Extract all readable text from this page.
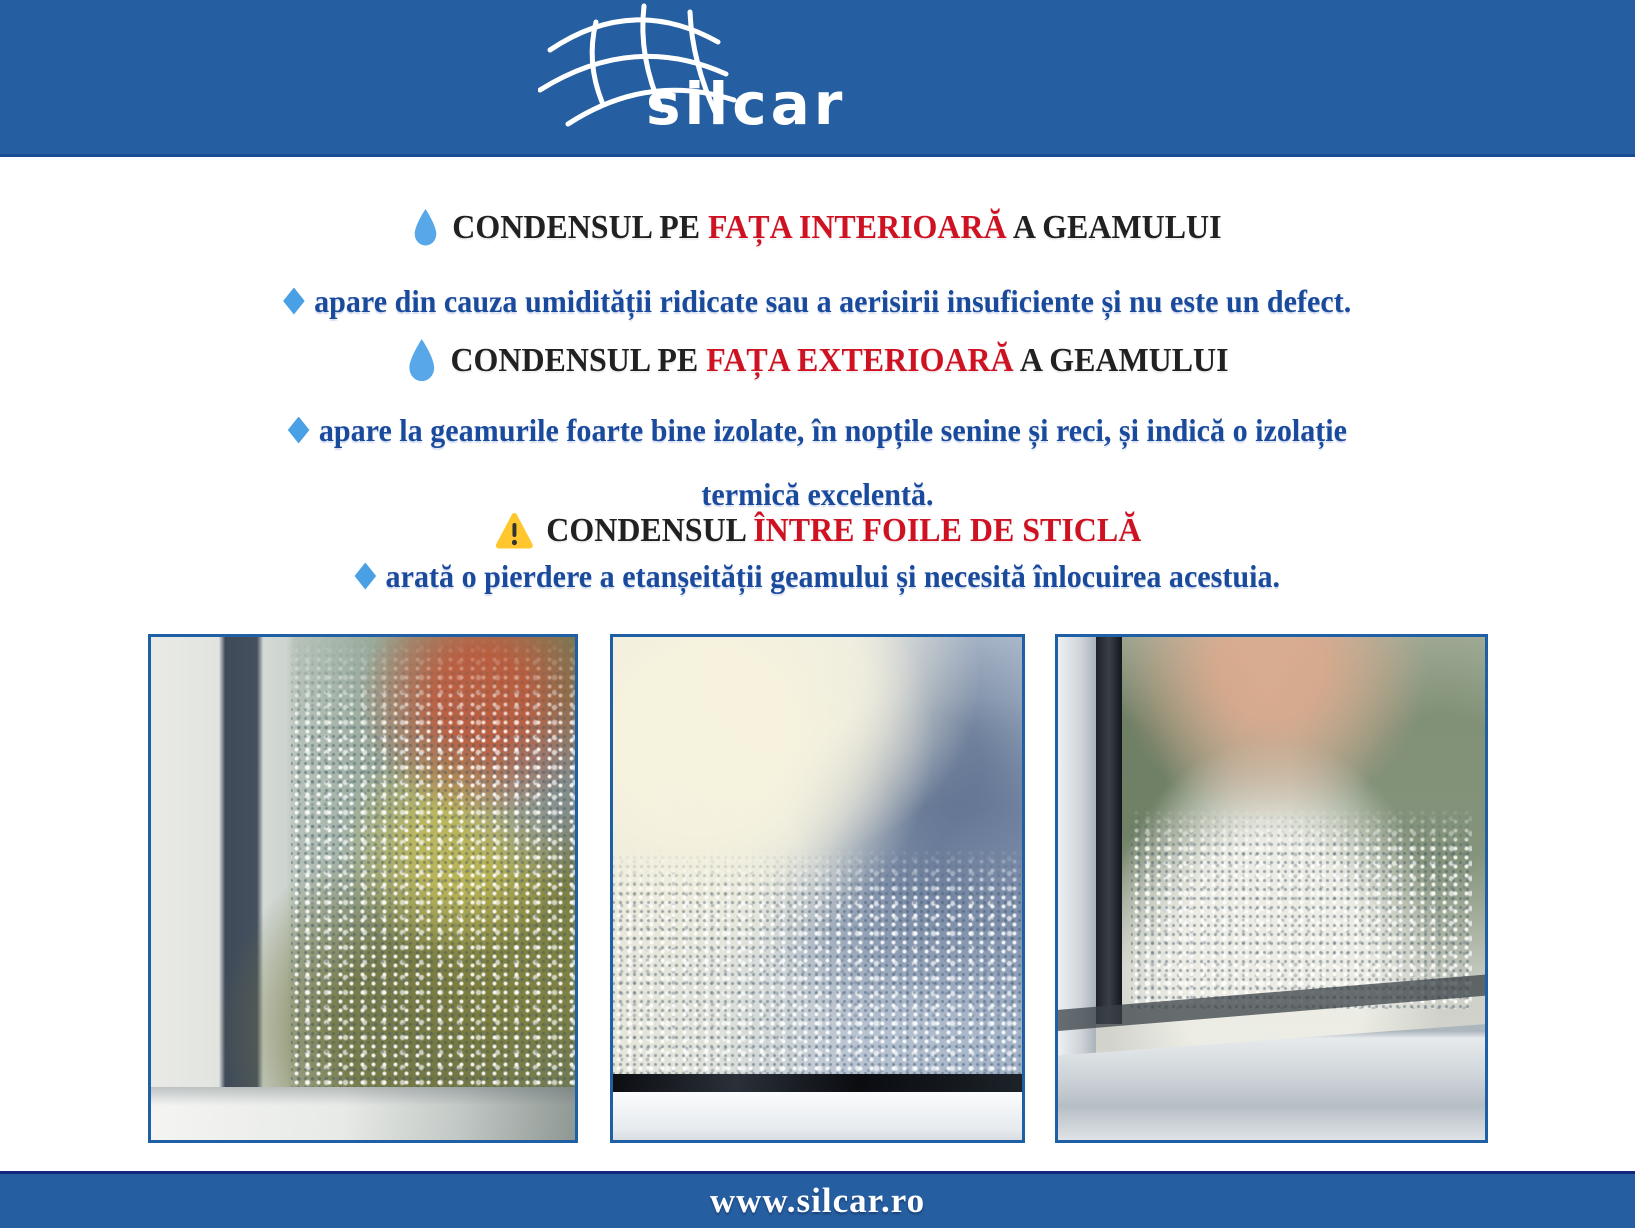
silcar
CONDENSUL PE FAȚA INTERIOARĂ A GEAMULUI
apare din cauza umidității ridicate sau a aerisirii insuficiente și nu este un defect.
CONDENSUL PE FAȚA EXTERIOARĂ A GEAMULUI
apare la geamurile foarte bine izolate, în nopțile senine și reci, și indică o izolație
termică excelentă.
CONDENSUL ÎNTRE FOILE DE STICLĂ
arată o pierdere a etanșeității geamului și necesită înlocuirea acestuia.
www.silcar.ro
